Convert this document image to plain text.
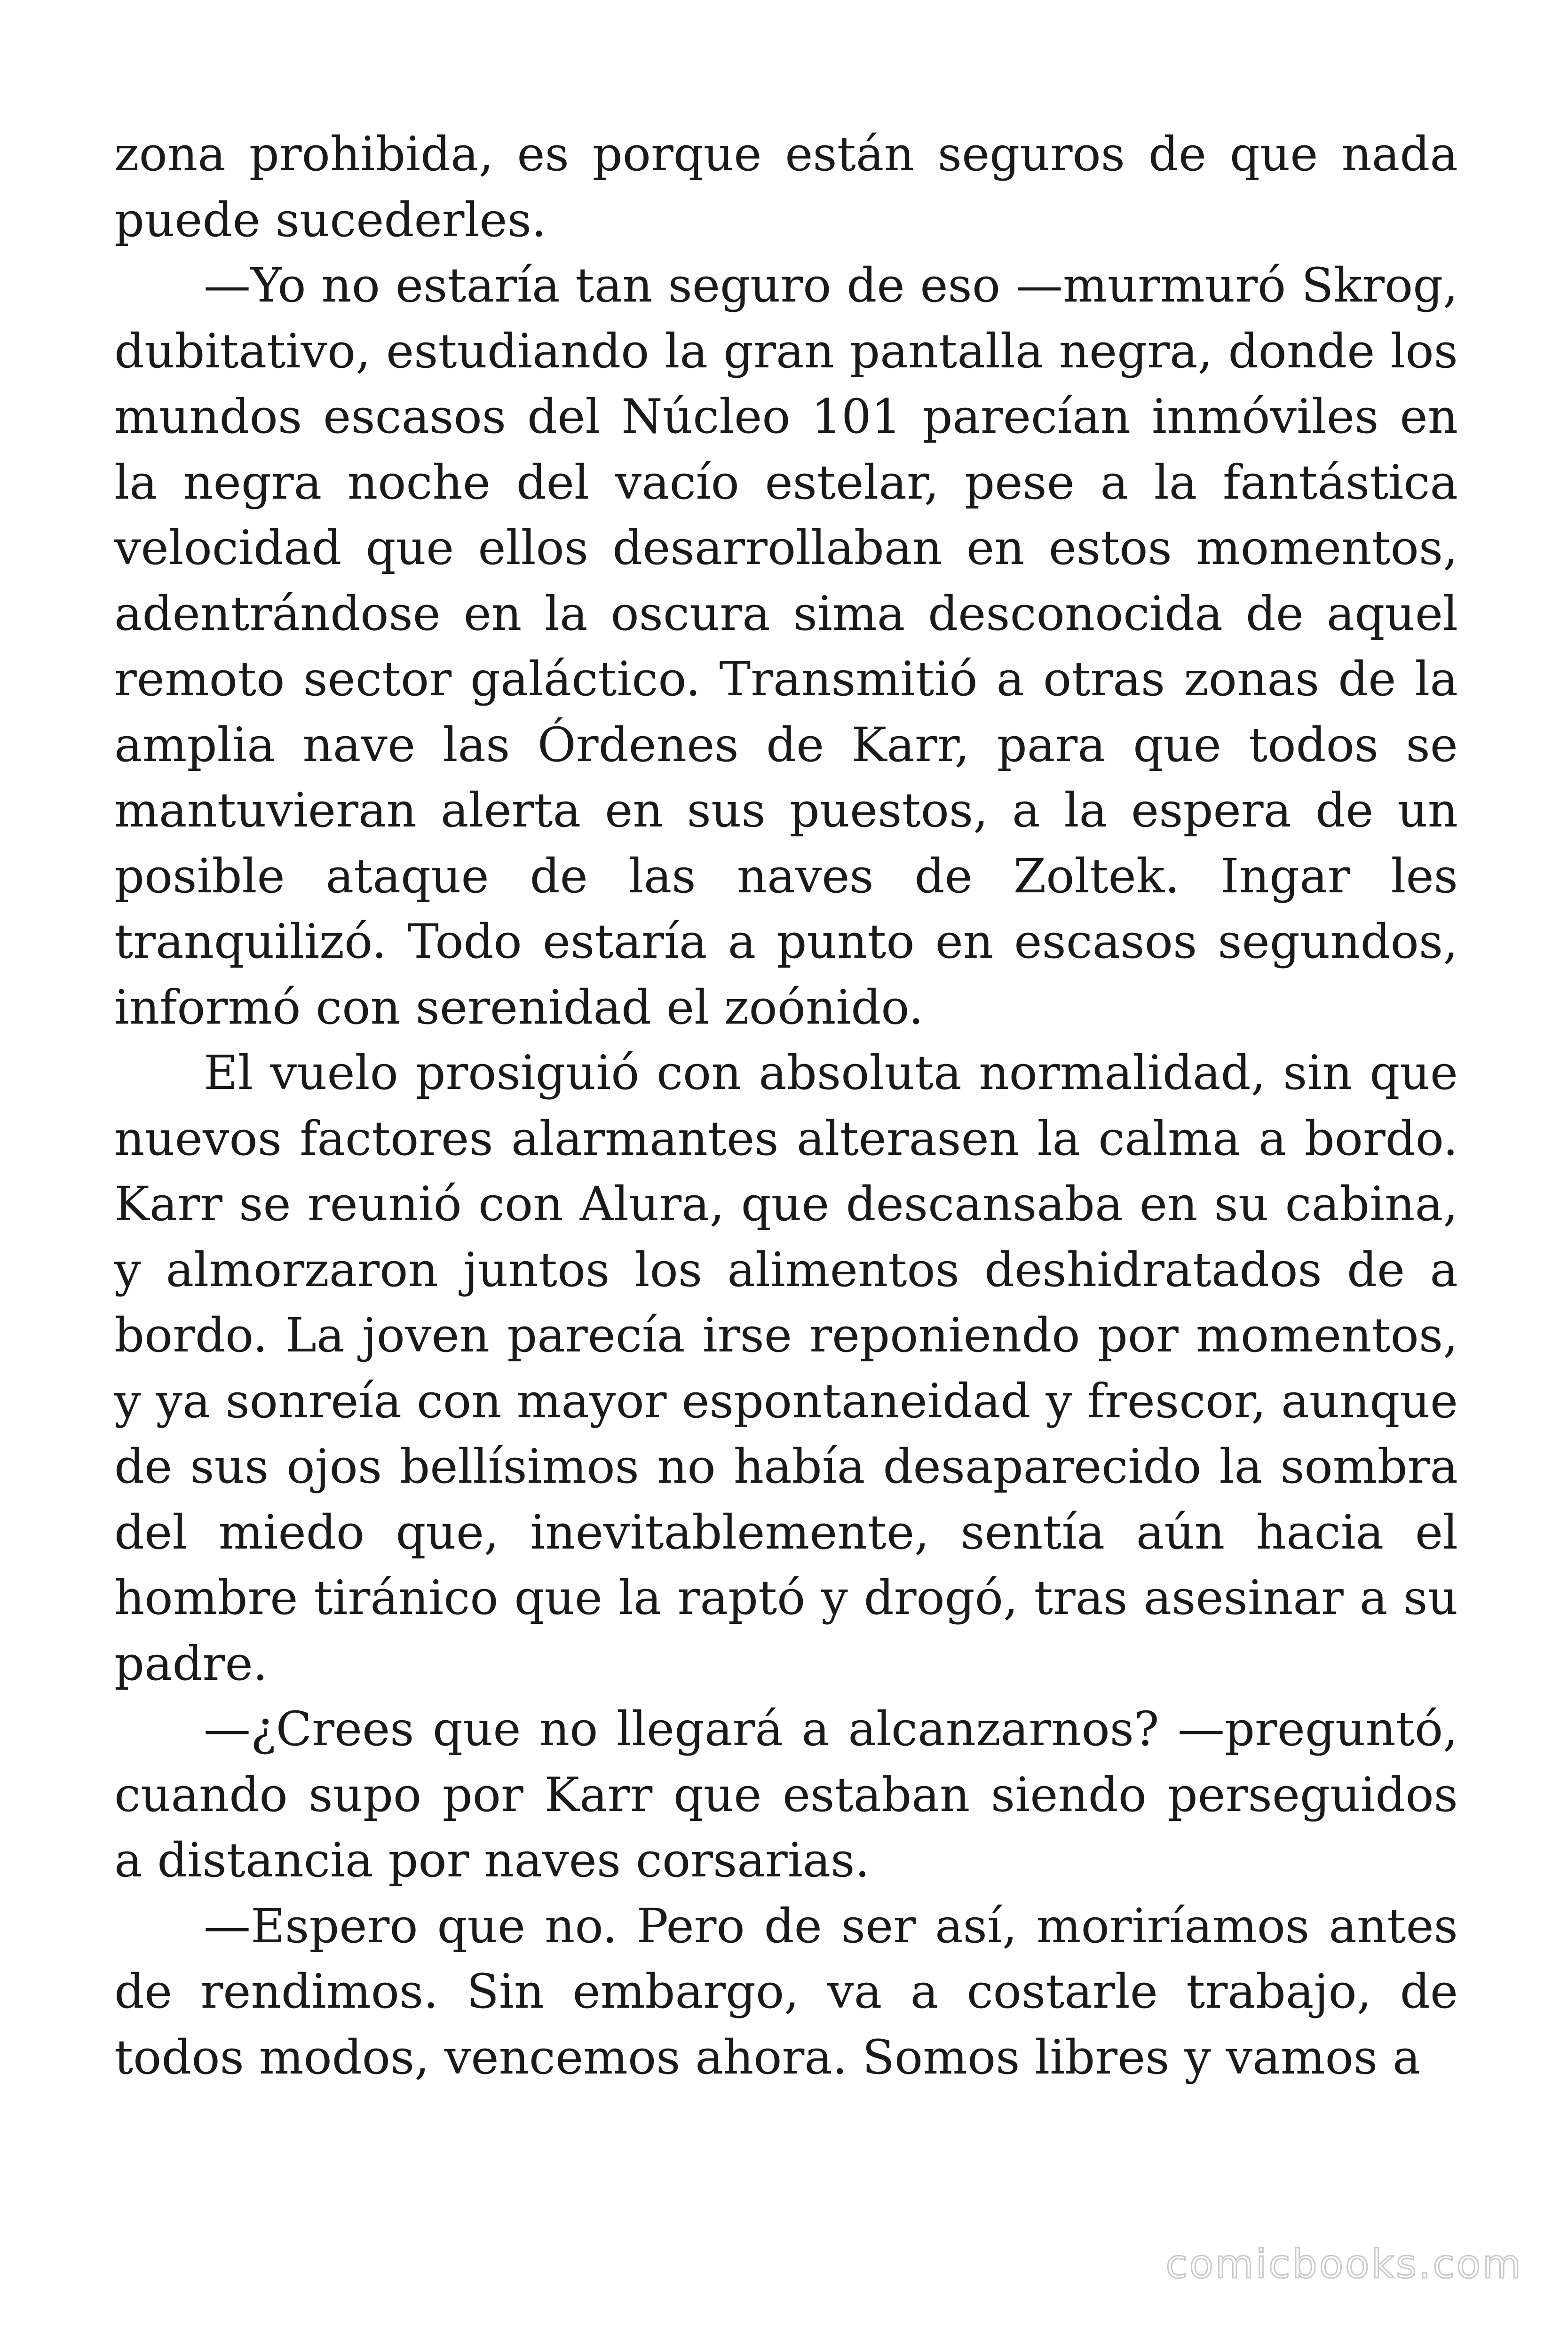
zona prohibida, es porque están seguros de que nada puede sucederles.

—Yo no estaría tan seguro de eso —murmuró Skrog, dubitativo, estudiando la gran pantalla negra, donde los mundos escasos del Núcleo 101 parecían inmóviles en la negra noche del vacío estelar, pese a la fantástica velocidad que ellos desarrollaban en estos momentos, adentrándose en la oscura sima desconocida de aquel remoto sector galáctico. Transmitió a otras zonas de la amplia nave las Órdenes de Karr, para que todos se mantuvieran alerta en sus puestos, a la espera de un posible ataque de las naves de Zoltek. Ingar les tranquilizó. Todo estaría a punto en escasos segundos, informó con serenidad el zoónido.

El vuelo prosiguió con absoluta normalidad, sin que nuevos factores alarmantes alterasen la calma a bordo. Karr se reunió con Alura, que descansaba en su cabina, y almorzaron juntos los alimentos deshidratados de a bordo. La joven parecía irse reponiendo por momentos, y ya sonreía con mayor espontaneidad y frescor, aunque de sus ojos bellísimos no había desaparecido la sombra del miedo que, inevitablemente, sentía aún hacia el hombre tiránico que la raptó y drogó, tras asesinar a su padre.

—¿Crees que no llegará a alcanzarnos? —preguntó, cuando supo por Karr que estaban siendo perseguidos a distancia por naves corsarias.

—Espero que no. Pero de ser así, moriríamos antes de rendimos. Sin embargo, va a costarle trabajo, de todos modos, vencemos ahora. Somos libres y vamos a

comicbooks.com
